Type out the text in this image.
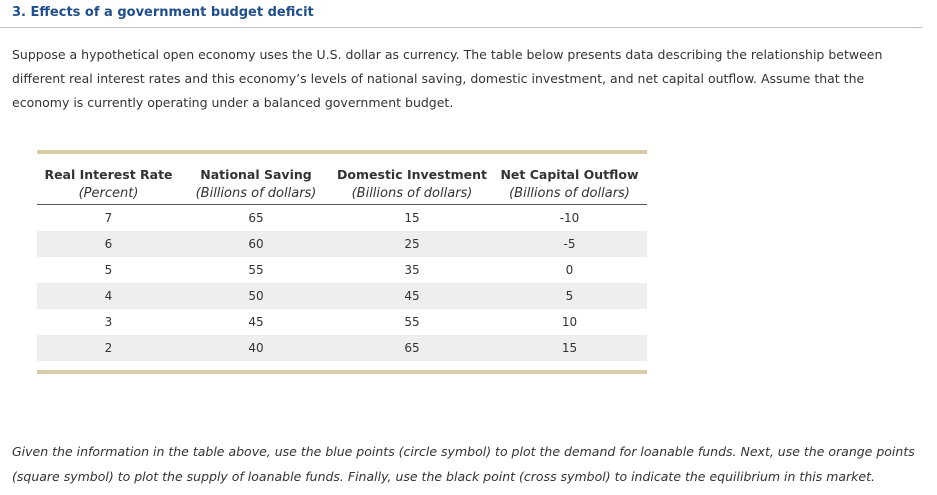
3. Effects of a government budget deficit
Suppose a hypothetical open economy uses the U.S. dollar as currency. The table below presents data describing the relationship between different real interest rates and this economy’s levels of national saving, domestic investment, and net capital outflow. Assume that the economy is currently operating under a balanced government budget.
Real Interest Rate	National Saving	Domestic Investment	Net Capital Outflow
(Percent)	(Billions of dollars)	(Billions of dollars)	(Billions of dollars)
7	65	15	-10
6	60	25	-5
5	55	35	0
4	50	45	5
3	45	55	10
2	40	65	15
Given the information in the table above, use the blue points (circle symbol) to plot the demand for loanable funds. Next, use the orange points (square symbol) to plot the supply of loanable funds. Finally, use the black point (cross symbol) to indicate the equilibrium in this market.
